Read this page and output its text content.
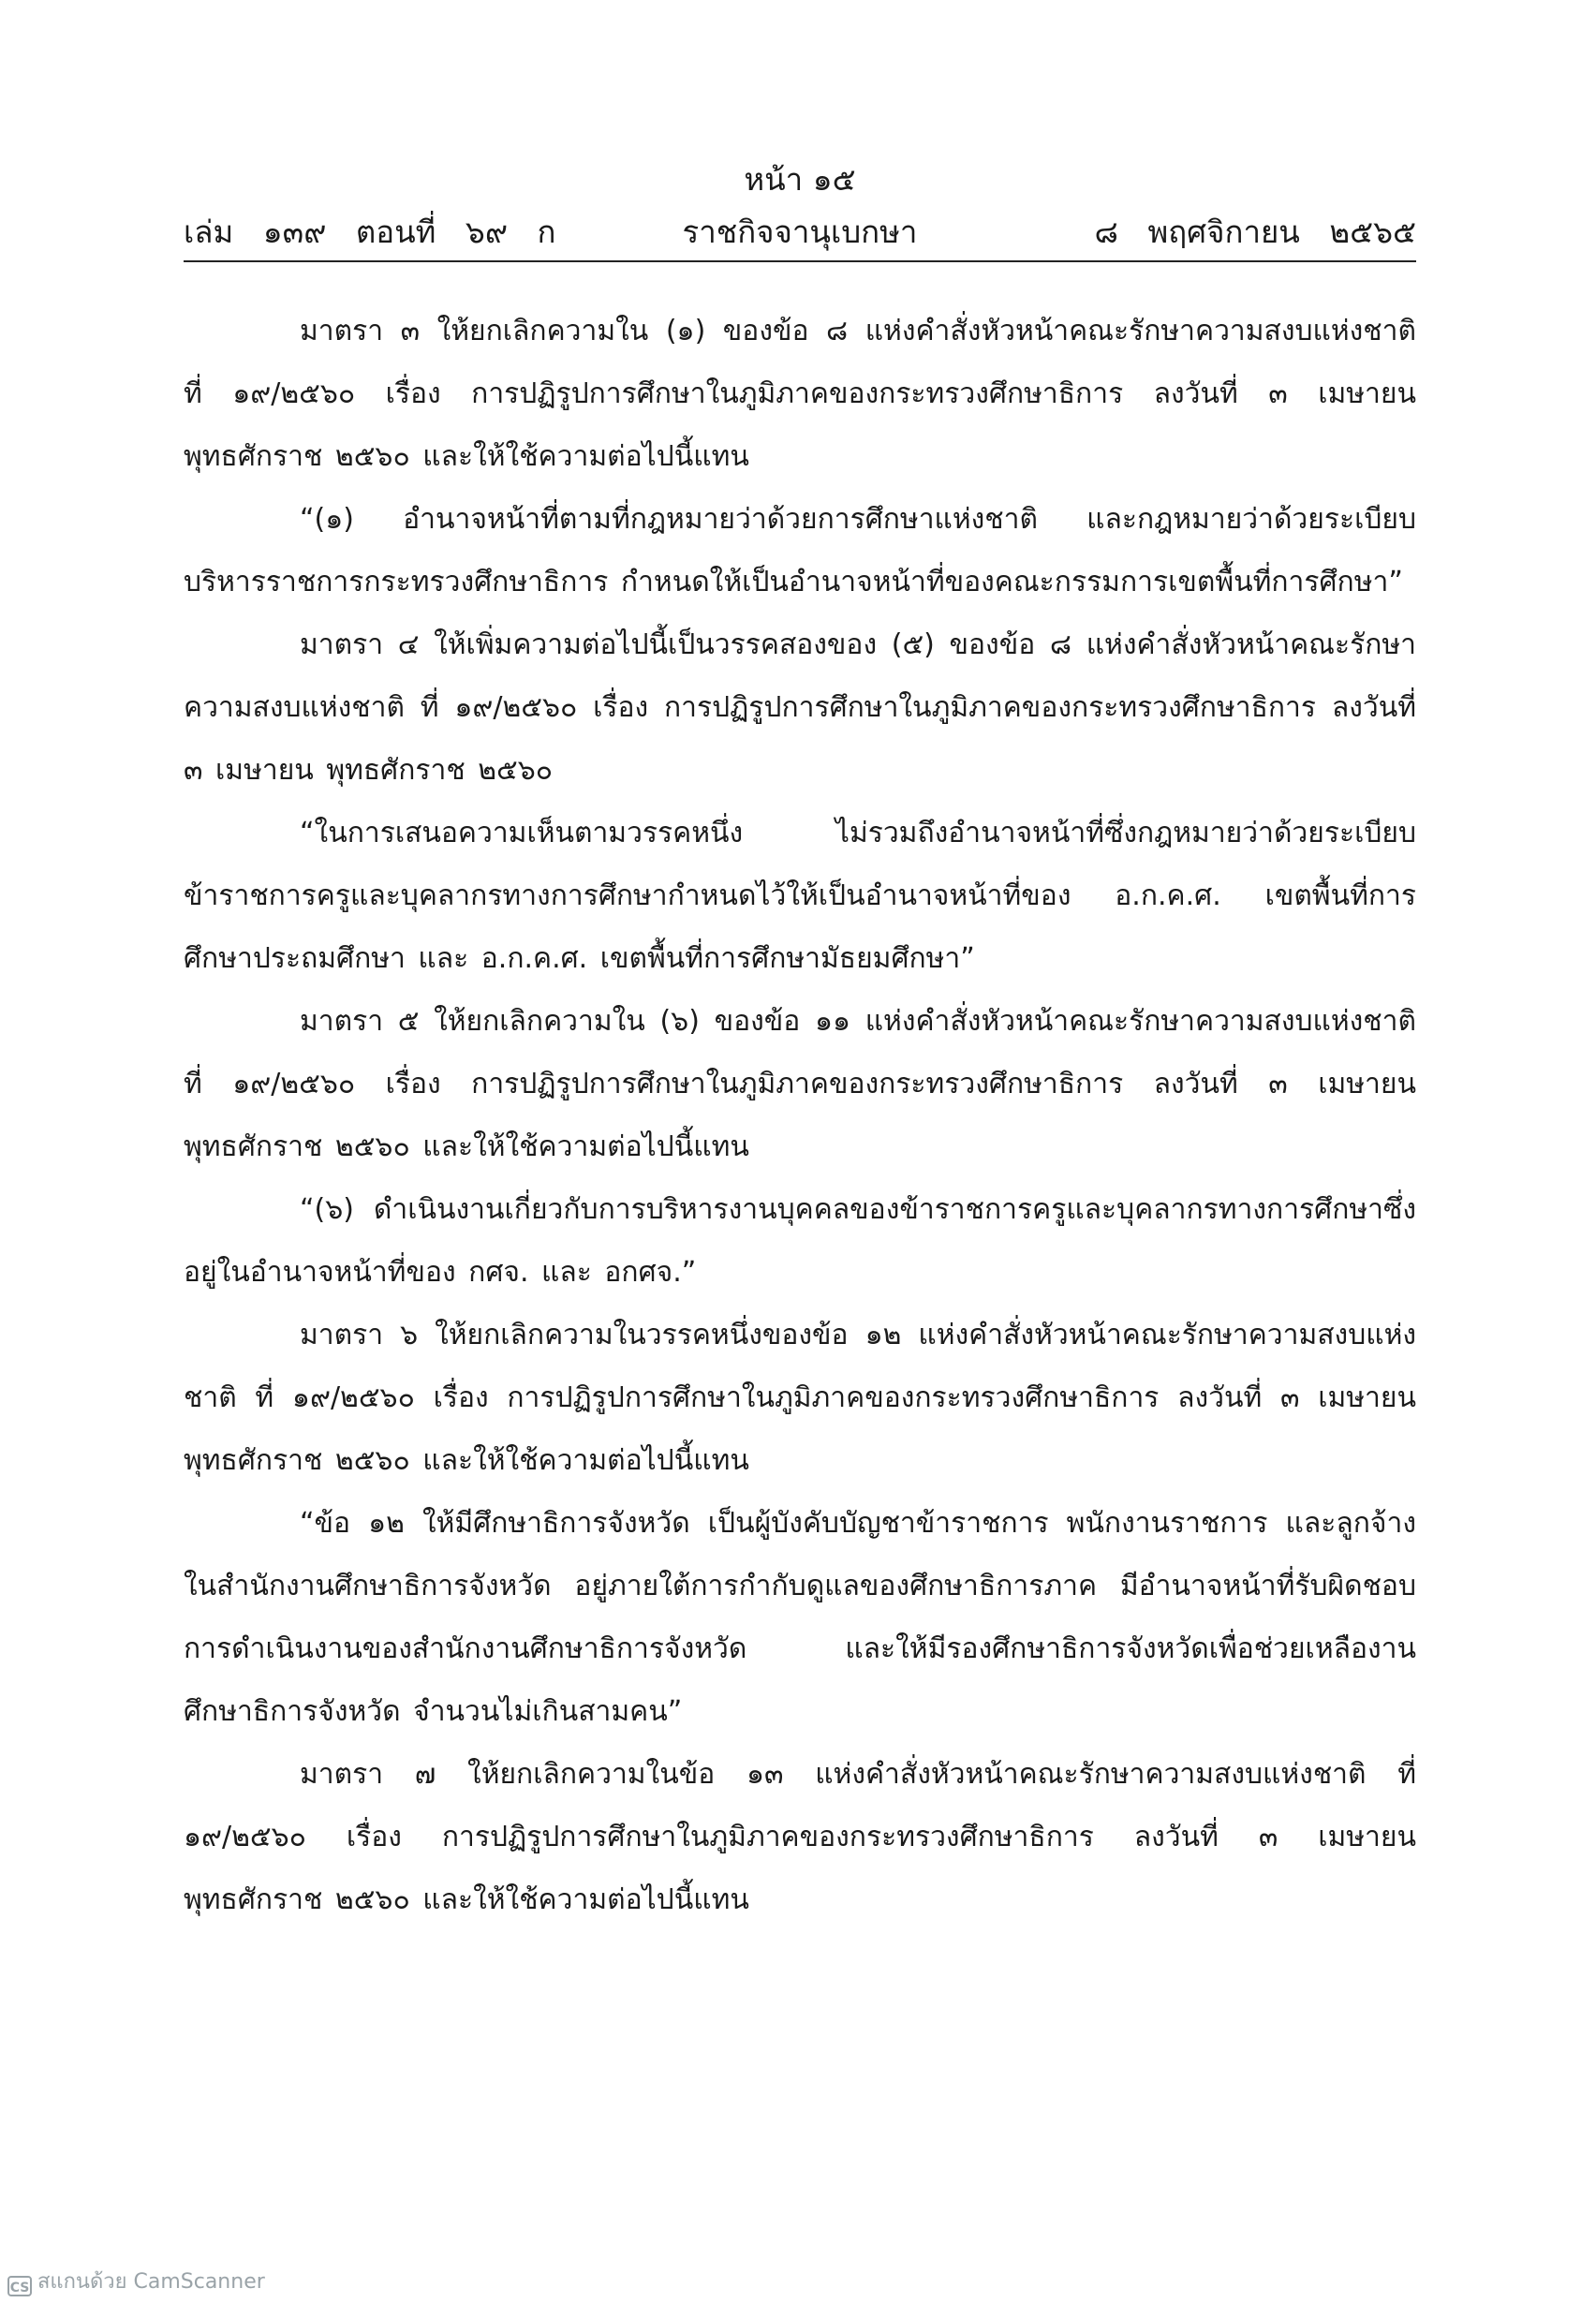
หน้า ๑๕
ราชกิจจานุเบกษา
เล่ม   ๑๓๙   ตอนที่   ๖๙   ก	๘   พฤศจิกายน   ๒๕๖๕

มาตรา ๓ ให้ยกเลิกความใน (๑) ของข้อ ๘ แห่งคำสั่งหัวหน้าคณะรักษาความสงบแห่งชาติ ที่ ๑๙/๒๕๖๐ เรื่อง การปฏิรูปการศึกษาในภูมิภาคของกระทรวงศึกษาธิการ ลงวันที่ ๓ เมษายน พุทธศักราช ๒๕๖๐ และให้ใช้ความต่อไปนี้แทน

“(๑) อำนาจหน้าที่ตามที่กฎหมายว่าด้วยการศึกษาแห่งชาติ และกฎหมายว่าด้วยระเบียบบริหารราชการกระทรวงศึกษาธิการ กำหนดให้เป็นอำนาจหน้าที่ของคณะกรรมการเขตพื้นที่การศึกษา”

มาตรา ๔ ให้เพิ่มความต่อไปนี้เป็นวรรคสองของ (๕) ของข้อ ๘ แห่งคำสั่งหัวหน้าคณะรักษาความสงบแห่งชาติ ที่ ๑๙/๒๕๖๐ เรื่อง การปฏิรูปการศึกษาในภูมิภาคของกระทรวงศึกษาธิการ ลงวันที่ ๓ เมษายน พุทธศักราช ๒๕๖๐

“ในการเสนอความเห็นตามวรรคหนึ่ง ไม่รวมถึงอำนาจหน้าที่ซึ่งกฎหมายว่าด้วยระเบียบข้าราชการครูและบุคลากรทางการศึกษากำหนดไว้ให้เป็นอำนาจหน้าที่ของ อ.ก.ค.ศ. เขตพื้นที่การศึกษาประถมศึกษา และ อ.ก.ค.ศ. เขตพื้นที่การศึกษามัธยมศึกษา”

มาตรา ๕ ให้ยกเลิกความใน (๖) ของข้อ ๑๑ แห่งคำสั่งหัวหน้าคณะรักษาความสงบแห่งชาติ ที่ ๑๙/๒๕๖๐ เรื่อง การปฏิรูปการศึกษาในภูมิภาคของกระทรวงศึกษาธิการ ลงวันที่ ๓ เมษายน พุทธศักราช ๒๕๖๐ และให้ใช้ความต่อไปนี้แทน

“(๖) ดำเนินงานเกี่ยวกับการบริหารงานบุคคลของข้าราชการครูและบุคลากรทางการศึกษาซึ่งอยู่ในอำนาจหน้าที่ของ กศจ. และ อกศจ.”

มาตรา ๖ ให้ยกเลิกความในวรรคหนึ่งของข้อ ๑๒ แห่งคำสั่งหัวหน้าคณะรักษาความสงบแห่งชาติ ที่ ๑๙/๒๕๖๐ เรื่อง การปฏิรูปการศึกษาในภูมิภาคของกระทรวงศึกษาธิการ ลงวันที่ ๓ เมษายน พุทธศักราช ๒๕๖๐ และให้ใช้ความต่อไปนี้แทน

“ข้อ ๑๒ ให้มีศึกษาธิการจังหวัด เป็นผู้บังคับบัญชาข้าราชการ พนักงานราชการ และลูกจ้างในสำนักงานศึกษาธิการจังหวัด อยู่ภายใต้การกำกับดูแลของศึกษาธิการภาค มีอำนาจหน้าที่รับผิดชอบการดำเนินงานของสำนักงานศึกษาธิการจังหวัด และให้มีรองศึกษาธิการจังหวัดเพื่อช่วยเหลืองานศึกษาธิการจังหวัด จำนวนไม่เกินสามคน”

มาตรา ๗ ให้ยกเลิกความในข้อ ๑๓ แห่งคำสั่งหัวหน้าคณะรักษาความสงบแห่งชาติ ที่ ๑๙/๒๕๖๐ เรื่อง การปฏิรูปการศึกษาในภูมิภาคของกระทรวงศึกษาธิการ ลงวันที่ ๓ เมษายน พุทธศักราช ๒๕๖๐ และให้ใช้ความต่อไปนี้แทน

CS สแกนด้วย CamScanner
